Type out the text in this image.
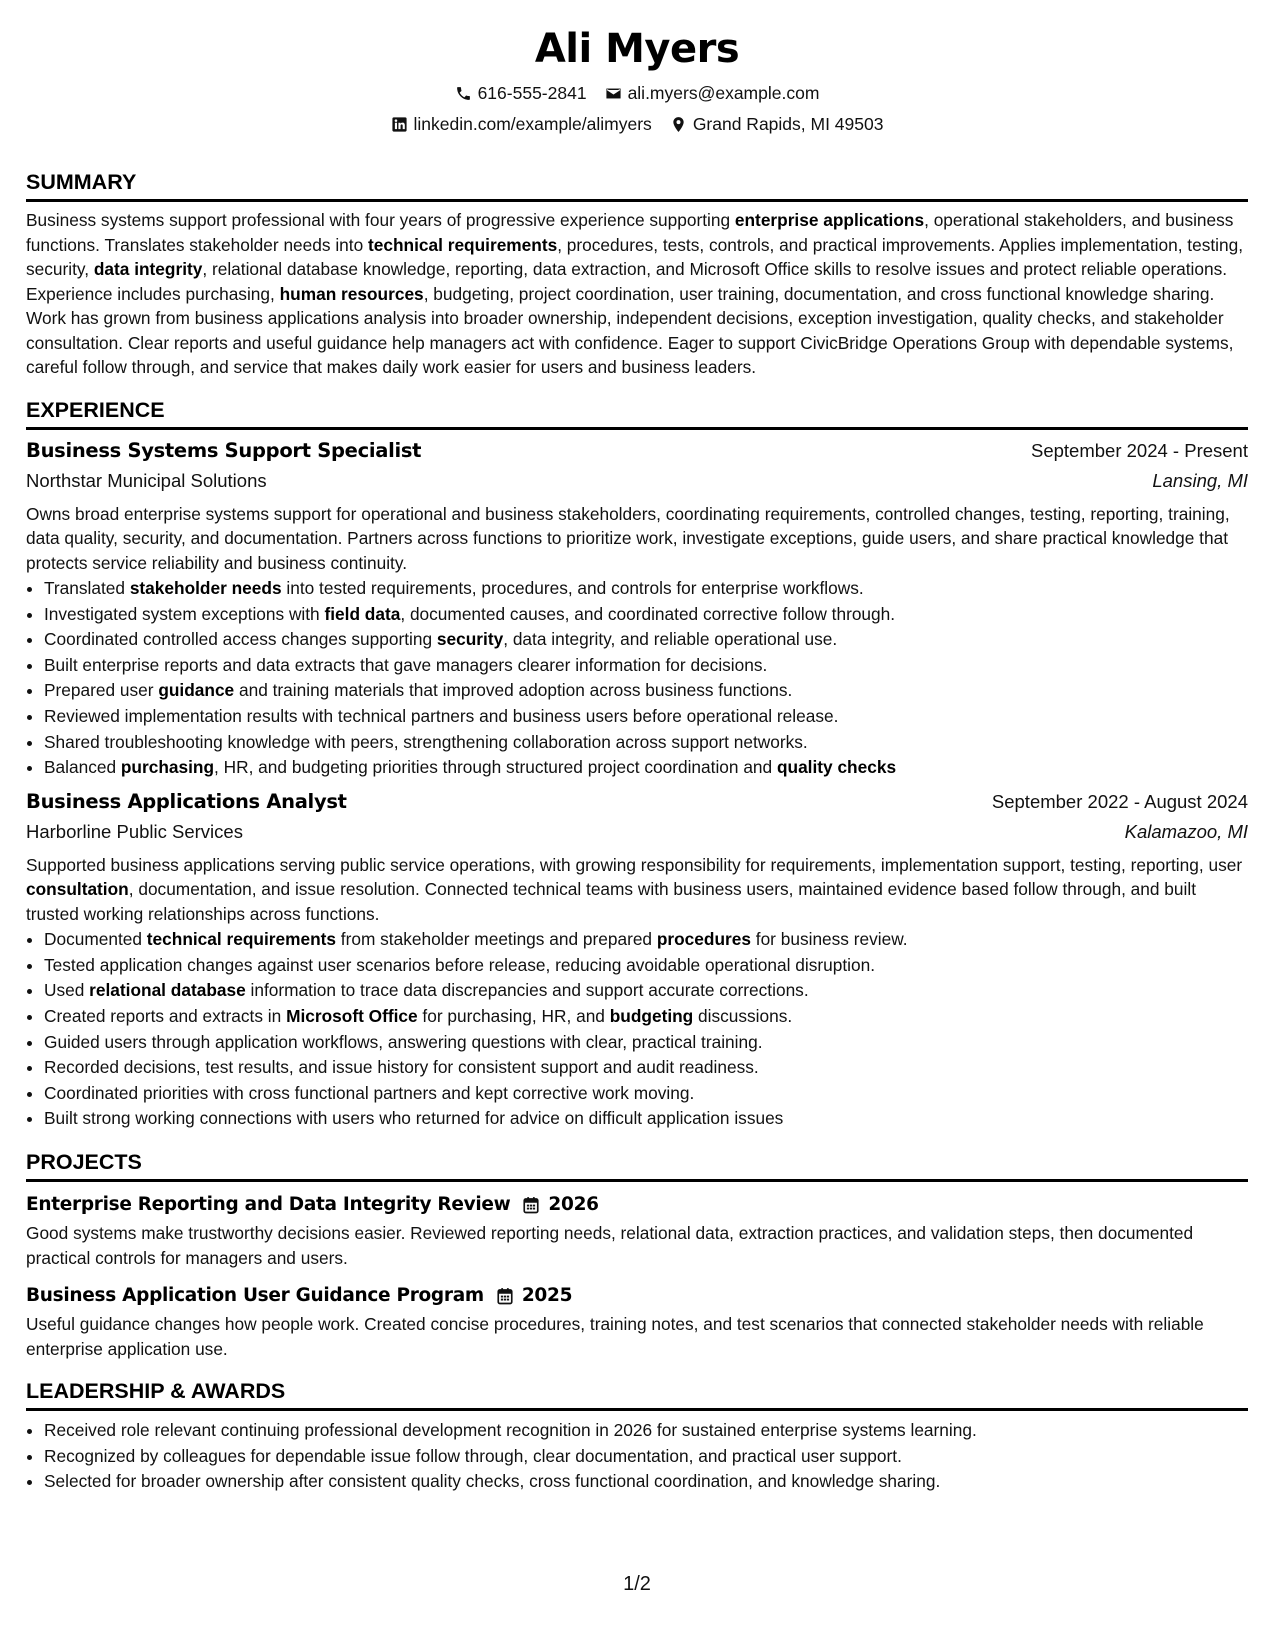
Ali Myers
616-555-2841 ali.myers@example.com
linkedin.com/example/alimyers Grand Rapids, MI 49503
SUMMARY
Business systems support professional with four years of progressive experience supporting enterprise applications, operational stakeholders, and business functions. Translates stakeholder needs into technical requirements, procedures, tests, controls, and practical improvements. Applies implementation, testing, security, data integrity, relational database knowledge, reporting, data extraction, and Microsoft Office skills to resolve issues and protect reliable operations. Experience includes purchasing, human resources, budgeting, project coordination, user training, documentation, and cross functional knowledge sharing. Work has grown from business applications analysis into broader ownership, independent decisions, exception investigation, quality checks, and stakeholder consultation. Clear reports and useful guidance help managers act with confidence. Eager to support CivicBridge Operations Group with dependable systems, careful follow through, and service that makes daily work easier for users and business leaders.
EXPERIENCE
Business Systems Support Specialist	September 2024 - Present
Northstar Municipal Solutions	Lansing, MI
Owns broad enterprise systems support for operational and business stakeholders, coordinating requirements, controlled changes, testing, reporting, training, data quality, security, and documentation. Partners across functions to prioritize work, investigate exceptions, guide users, and share practical knowledge that protects service reliability and business continuity.
• Translated stakeholder needs into tested requirements, procedures, and controls for enterprise workflows.
• Investigated system exceptions with field data, documented causes, and coordinated corrective follow through.
• Coordinated controlled access changes supporting security, data integrity, and reliable operational use.
• Built enterprise reports and data extracts that gave managers clearer information for decisions.
• Prepared user guidance and training materials that improved adoption across business functions.
• Reviewed implementation results with technical partners and business users before operational release.
• Shared troubleshooting knowledge with peers, strengthening collaboration across support networks.
• Balanced purchasing, HR, and budgeting priorities through structured project coordination and quality checks
Business Applications Analyst	September 2022 - August 2024
Harborline Public Services	Kalamazoo, MI
Supported business applications serving public service operations, with growing responsibility for requirements, implementation support, testing, reporting, user consultation, documentation, and issue resolution. Connected technical teams with business users, maintained evidence based follow through, and built trusted working relationships across functions.
• Documented technical requirements from stakeholder meetings and prepared procedures for business review.
• Tested application changes against user scenarios before release, reducing avoidable operational disruption.
• Used relational database information to trace data discrepancies and support accurate corrections.
• Created reports and extracts in Microsoft Office for purchasing, HR, and budgeting discussions.
• Guided users through application workflows, answering questions with clear, practical training.
• Recorded decisions, test results, and issue history for consistent support and audit readiness.
• Coordinated priorities with cross functional partners and kept corrective work moving.
• Built strong working connections with users who returned for advice on difficult application issues
PROJECTS
Enterprise Reporting and Data Integrity Review 2026
Good systems make trustworthy decisions easier. Reviewed reporting needs, relational data, extraction practices, and validation steps, then documented practical controls for managers and users.
Business Application User Guidance Program 2025
Useful guidance changes how people work. Created concise procedures, training notes, and test scenarios that connected stakeholder needs with reliable enterprise application use.
LEADERSHIP & AWARDS
• Received role relevant continuing professional development recognition in 2026 for sustained enterprise systems learning.
• Recognized by colleagues for dependable issue follow through, clear documentation, and practical user support.
• Selected for broader ownership after consistent quality checks, cross functional coordination, and knowledge sharing.
1/2
